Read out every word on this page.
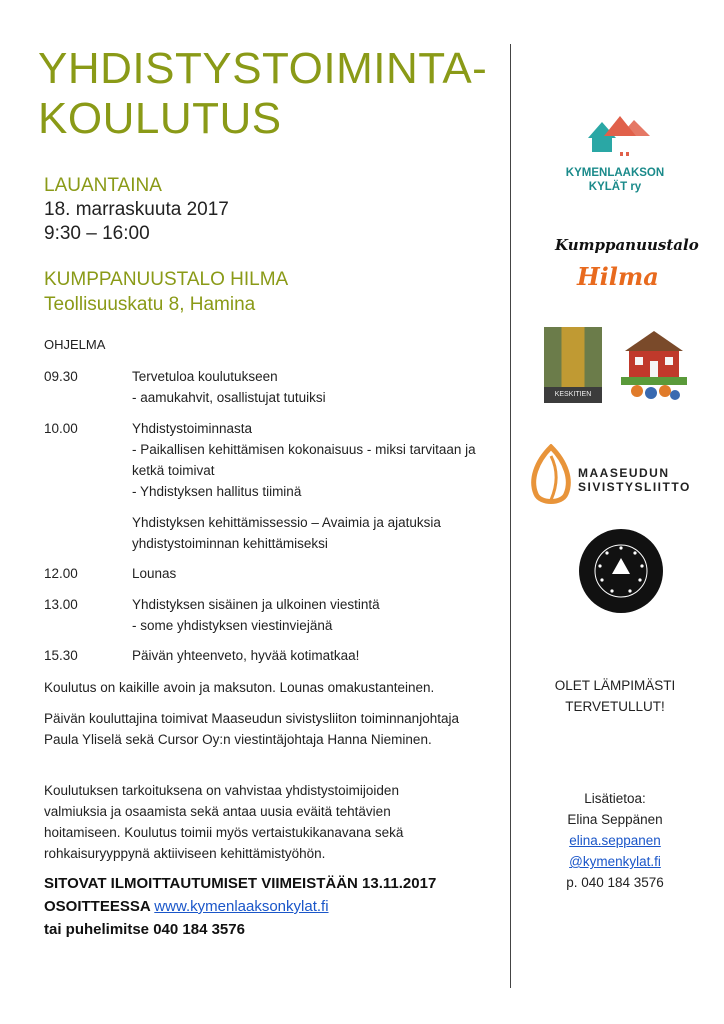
YHDISTYSTOIMINTA-
KOULUTUS
LAUANTAINA
18. marraskuuta 2017
9:30 – 16:00
KUMPPANUUSTALO HILMA
Teollisuuskatu 8, Hamina
OHJELMA
09.30	Tervetuloa koulutukseen
- aamukahvit, osallistujat tutuiksi
10.00	Yhdistystoiminnasta
- Paikallisen kehittämisen kokonaisuus - miksi tarvitaan ja ketkä toimivat
- Yhdistyksen hallitus tiiminä
Yhdistyksen kehittämissessio – Avaimia ja ajatuksia yhdistystoiminnan kehittämiseksi
12.00	Lounas
13.00	Yhdistyksen sisäinen ja ulkoinen viestintä
- some yhdistyksen viestinviejänä
15.30	Päivän yhteenveto, hyvää kotimatkaa!
Koulutus on kaikille avoin ja maksuton. Lounas omakustanteinen.
Päivän kouluttajina toimivat Maaseudun sivistysliiton toiminnanjohtaja Paula Yliselä sekä Cursor Oy:n viestintäjohtaja Hanna Nieminen.
Koulutuksen tarkoituksena on vahvistaa yhdistystoimijoiden valmiuksia ja osaamista sekä antaa uusia eväitä tehtävien hoitamiseen. Koulutus toimii myös vertaistukikanavana sekä rohkaisuryyppynä aktiiviseen kehittämistyöhön.
SITOVAT ILMOITTAUTUMISET VIIMEISTÄÄN 13.11.2017
OSOITTEESSA www.kymenlaaksonkylat.fi
tai puhelimitse 040 184 3576
KYMENLAAKSON
KYLÄT ry
Kumppanuustalo
Hilma
KESKITIEN
MAASEUDUN
SIVISTYSLIITTO
OLET LÄMPIMÄSTI
TERVETULLUT!
Lisätietoa:
Elina Seppänen
elina.seppanen
@kymenkylat.fi
p. 040 184 3576
